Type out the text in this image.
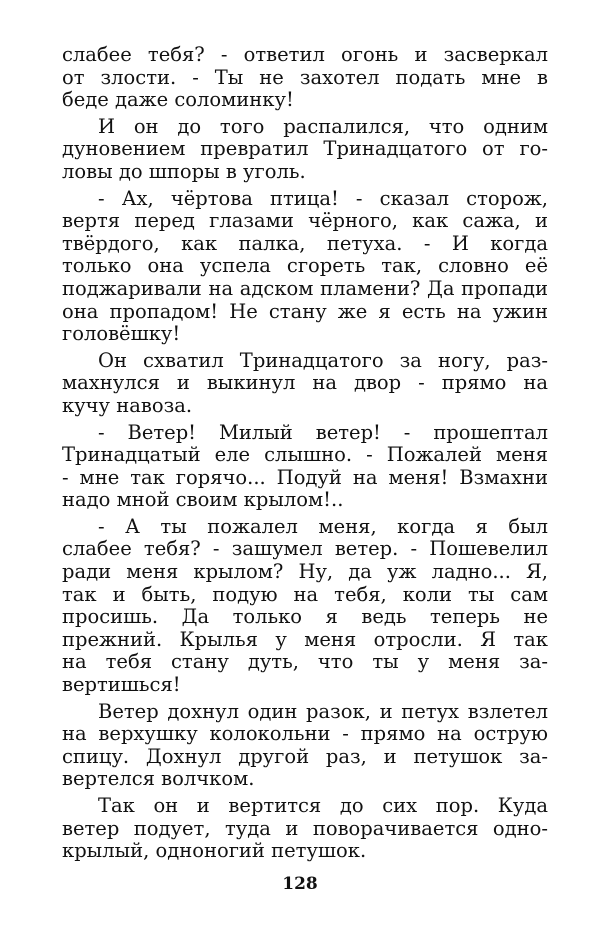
слабее тебя? - ответил огонь и засверкал
от злости. - Ты не захотел подать мне в
беде даже соломинку!
И он до того распалился, что одним
дуновением превратил Тринадцатого от го-
ловы до шпоры в уголь.
- Ах, чёртова птица! - сказал сторож,
вертя перед глазами чёрного, как сажа, и
твёрдого, как палка, петуха. - И когда
только она успела сгореть так, словно её
поджаривали на адском пламени? Да пропади
она пропадом! Не стану же я есть на ужин
головёшку!
Он схватил Тринадцатого за ногу, раз-
махнулся и выкинул на двор - прямо на
кучу навоза.
- Ветер! Милый ветер! - прошептал
Тринадцатый еле слышно. - Пожалей меня
- мне так горячо... Подуй на меня! Взмахни
надо мной своим крылом!..
- А ты пожалел меня, когда я был
слабее тебя? - зашумел ветер. - Пошевелил
ради меня крылом? Ну, да уж ладно... Я,
так и быть, подую на тебя, коли ты сам
просишь. Да только я ведь теперь не
прежний. Крылья у меня отросли. Я так
на тебя стану дуть, что ты у меня за-
вертишься!
Ветер дохнул один разок, и петух взлетел
на верхушку колокольни - прямо на острую
спицу. Дохнул другой раз, и петушок за-
вертелся волчком.
Так он и вертится до сих пор. Куда
ветер подует, туда и поворачивается одно-
крылый, одноногий петушок.
128
